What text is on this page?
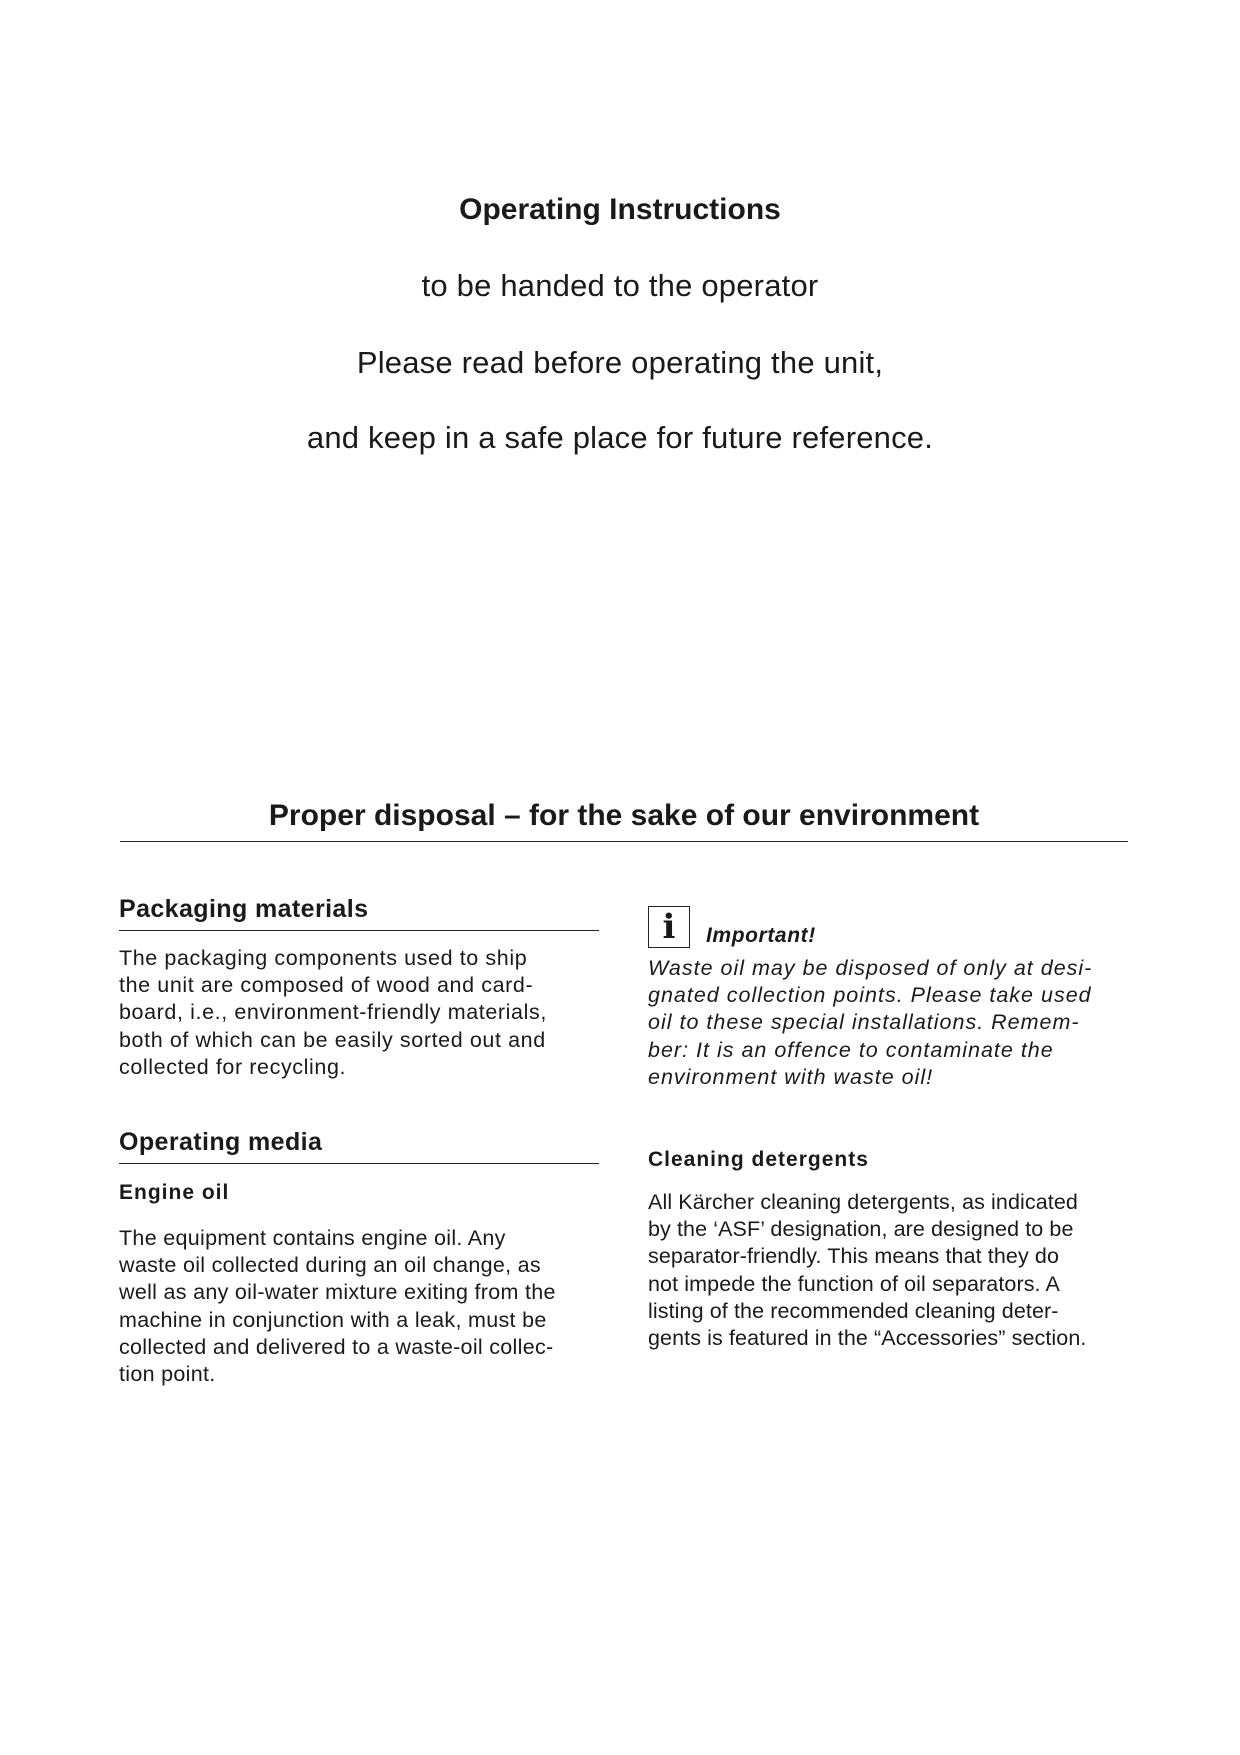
Operating Instructions

to be handed to the operator

Please read before operating the unit,

and keep in a safe place for future reference.

Proper disposal – for the sake of our environment
Packaging materials

The packaging components used to ship
the unit are composed of wood and card-
board, i.e., environment-friendly materials,
both of which can be easily sorted out and
collected for recycling.

Operating media
Engine oil

The equipment contains engine oil. Any
waste oil collected during an oil change, as
well as any oil-water mixture exiting from the
machine in conjunction with a leak, must be
collected and delivered to a waste-oil collec-
tion point.

i	Important!

Waste oil may be disposed of only at desi-
gnated collection points. Please take used
oil to these special installations. Remem-
ber: It is an offence to contaminate the
environment with waste oil!

Cleaning detergents

All Kärcher cleaning detergents, as indicated
by the ‘ASF’ designation, are designed to be
separator-friendly. This means that they do
not impede the function of oil separators. A
listing of the recommended cleaning deter-
gents is featured in the “Accessories” section.
